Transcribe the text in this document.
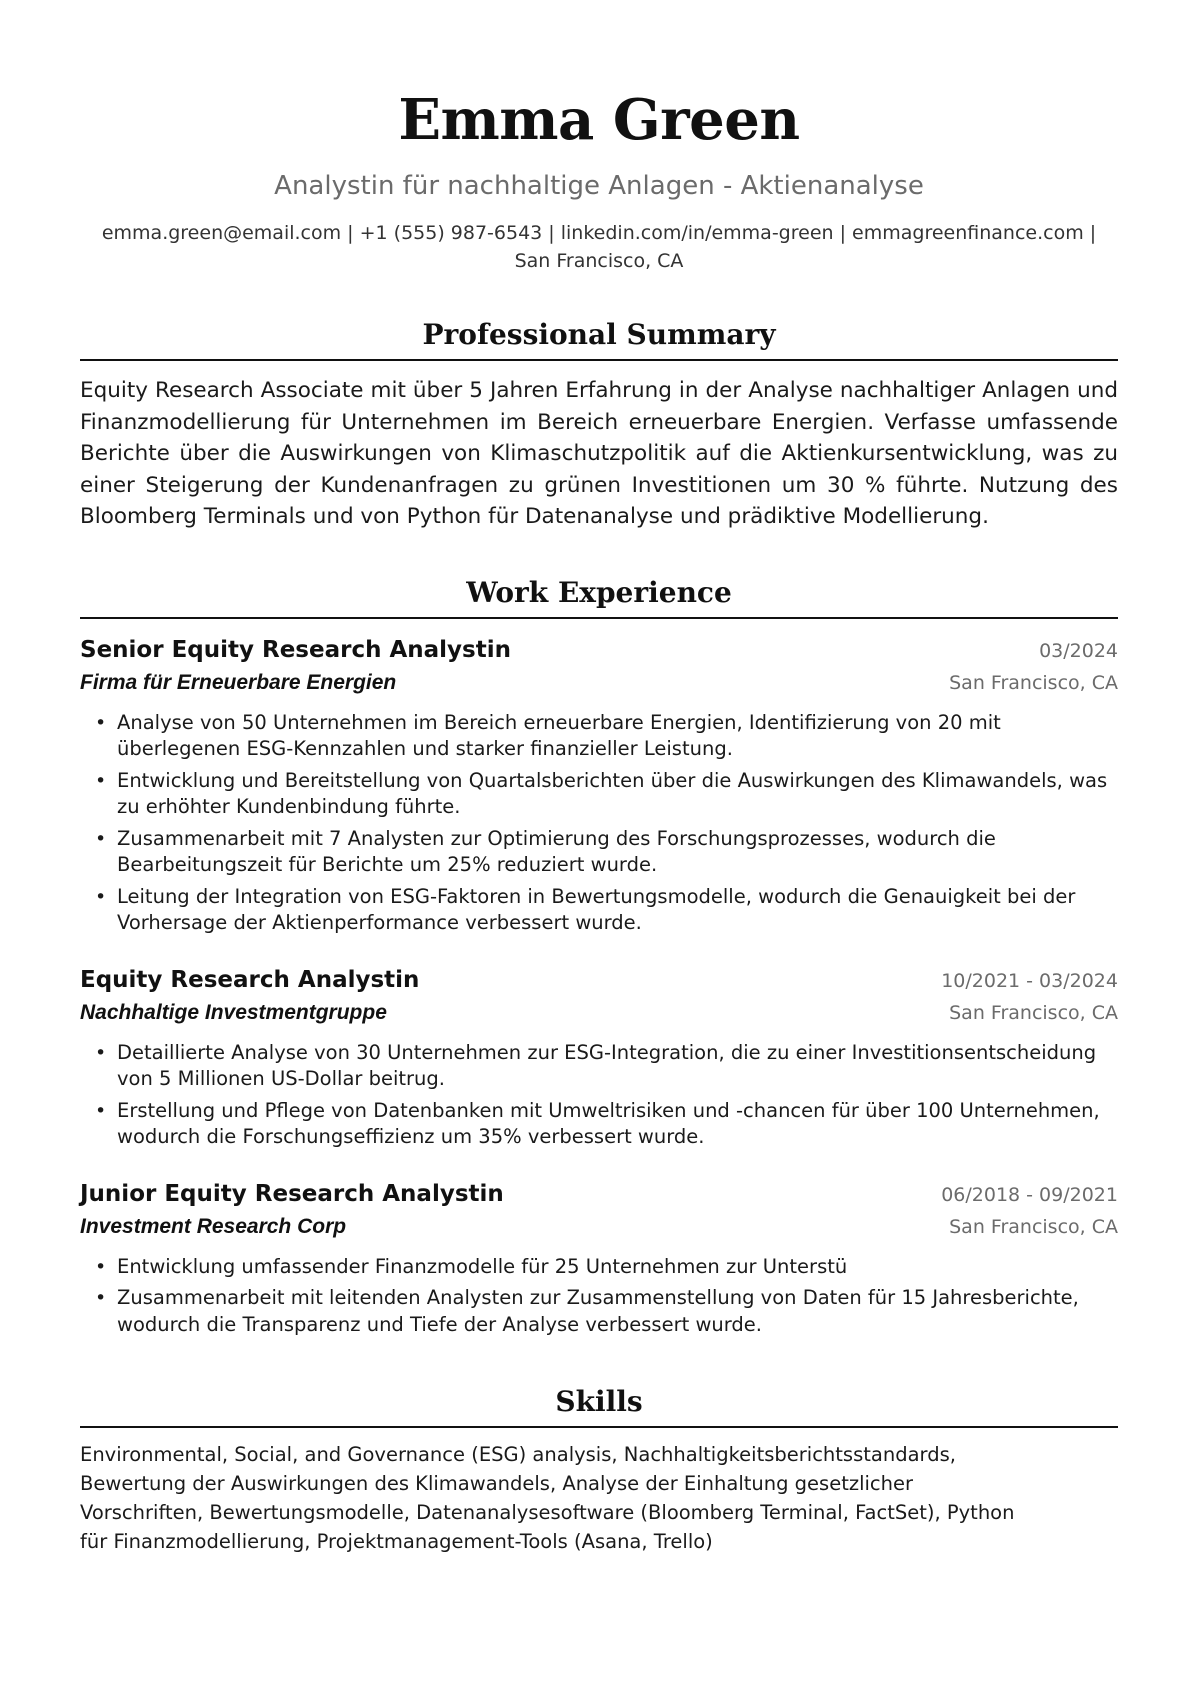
Emma Green
Analystin für nachhaltige Anlagen - Aktienanalyse
emma.green@email.com | +1 (555) 987-6543 | linkedin.com/in/emma-green | emmagreenfinance.com | San Francisco, CA
Professional Summary

Equity Research Associate mit über 5 Jahren Erfahrung in der Analyse nachhaltiger Anlagen und Finanzmodellierung für Unternehmen im Bereich erneuerbare Energien. Verfasse umfassende Berichte über die Auswirkungen von Klimaschutzpolitik auf die Aktienkursentwicklung, was zu einer Steigerung der Kundenanfragen zu grünen Investitionen um 30 % führte. Nutzung des Bloomberg Terminals und von Python für Datenanalyse und prädiktive Modellierung.

Work Experience
Senior Equity Research Analystin	03/2024
Firma für Erneuerbare Energien	San Francisco, CA
• Analyse von 50 Unternehmen im Bereich erneuerbare Energien, Identifizierung von 20 mit überlegenen ESG-Kennzahlen und starker finanzieller Leistung.
• Entwicklung und Bereitstellung von Quartalsberichten über die Auswirkungen des Klimawandels, was zu erhöhter Kundenbindung führte.
• Zusammenarbeit mit 7 Analysten zur Optimierung des Forschungsprozesses, wodurch die Bearbeitungszeit für Berichte um 25% reduziert wurde.
• Leitung der Integration von ESG-Faktoren in Bewertungsmodelle, wodurch die Genauigkeit bei der Vorhersage der Aktienperformance verbessert wurde.
Equity Research Analystin	10/2021 - 03/2024
Nachhaltige Investmentgruppe	San Francisco, CA
• Detaillierte Analyse von 30 Unternehmen zur ESG-Integration, die zu einer Investitionsentscheidung von 5 Millionen US-Dollar beitrug.
• Erstellung und Pflege von Datenbanken mit Umweltrisiken und -chancen für über 100 Unternehmen, wodurch die Forschungseffizienz um 35% verbessert wurde.
Junior Equity Research Analystin	06/2018 - 09/2021
Investment Research Corp	San Francisco, CA
• Entwicklung umfassender Finanzmodelle für 25 Unternehmen zur Unterstü
• Zusammenarbeit mit leitenden Analysten zur Zusammenstellung von Daten für 15 Jahresberichte, wodurch die Transparenz und Tiefe der Analyse verbessert wurde.
Skills

Environmental, Social, and Governance (ESG) analysis, Nachhaltigkeitsberichtsstandards, Bewertung der Auswirkungen des Klimawandels, Analyse der Einhaltung gesetzlicher Vorschriften, Bewertungsmodelle, Datenanalysesoftware (Bloomberg Terminal, FactSet), Python für Finanzmodellierung, Projektmanagement-Tools (Asana, Trello)
